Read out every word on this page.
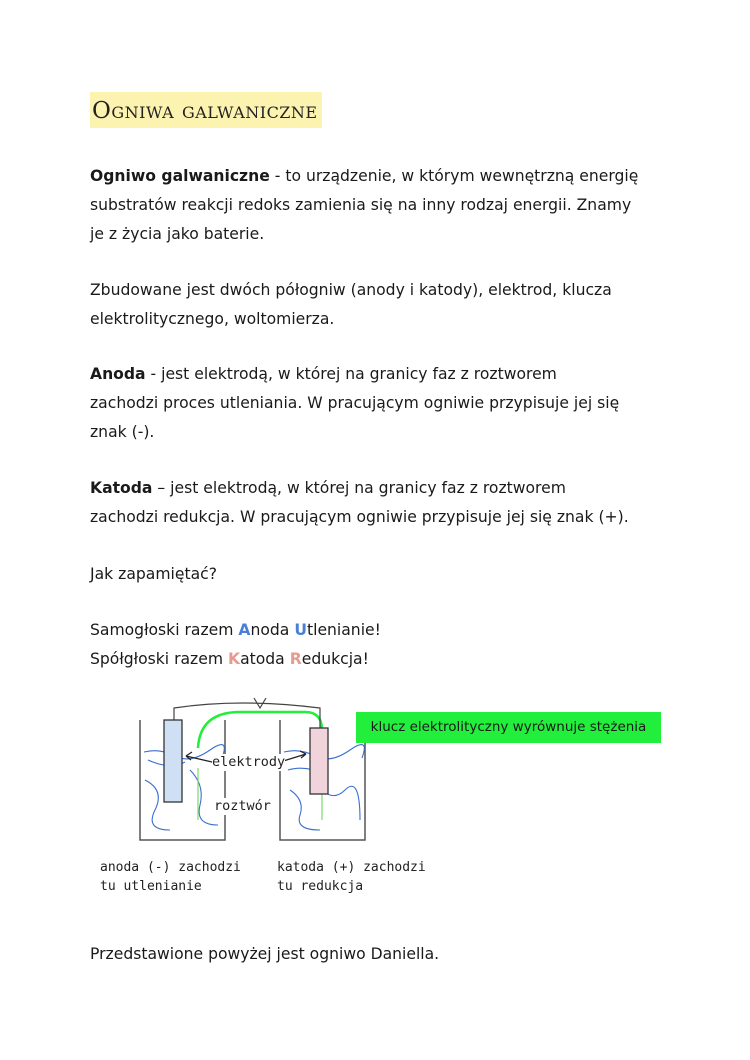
Ogniwa galwaniczne
Ogniwo galwaniczne - to urządzenie, w którym wewnętrzną energię
substratów reakcji redoks zamienia się na inny rodzaj energii. Znamy
je z życia jako baterie.
Zbudowane jest dwóch półogniw (anody i katody), elektrod, klucza
elektrolitycznego, woltomierza.
Anoda - jest elektrodą, w której na granicy faz z roztworem
zachodzi proces utleniania. W pracującym ogniwie przypisuje jej się
znak (-).
Katoda – jest elektrodą, w której na granicy faz z roztworem
zachodzi redukcja. W pracującym ogniwie przypisuje jej się znak (+).
Jak zapamiętać?
Samogłoski razem Anoda Utlenianie!
Spółgłoski razem Katoda Redukcja!
elektrody
roztwór
klucz elektrolityczny wyrównuje stężenia
anoda (-) zachodzi
tu utlenianie
katoda (+) zachodzi
tu redukcja
Przedstawione powyżej jest ogniwo Daniella.
